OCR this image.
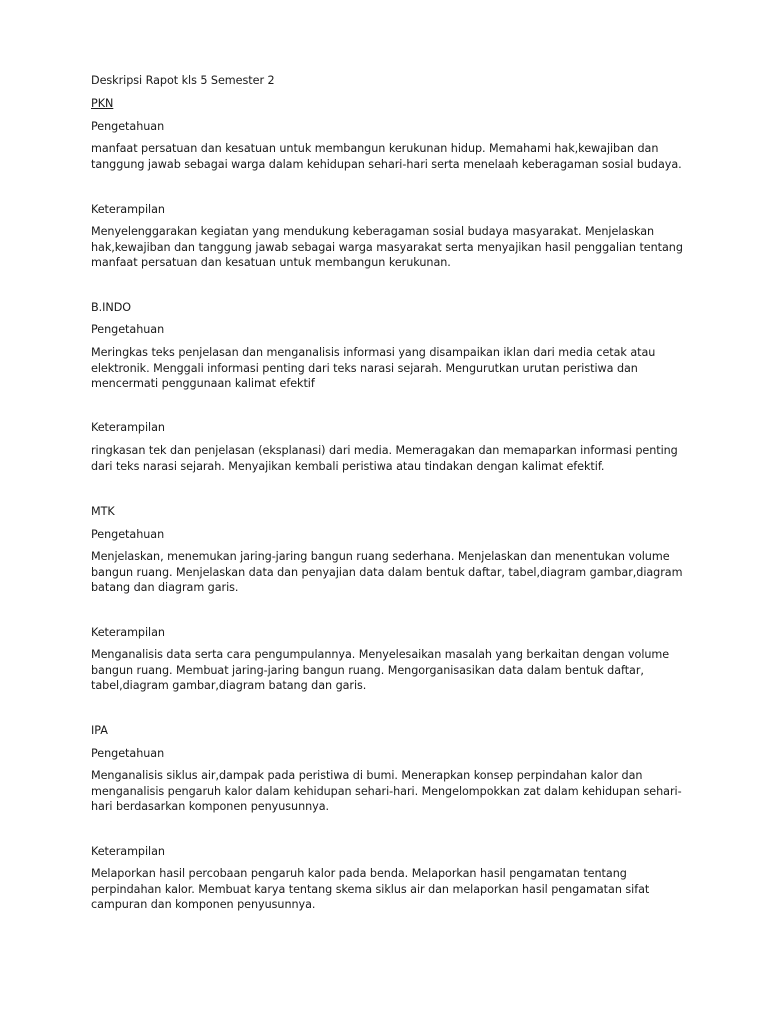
Deskripsi Rapot kls 5 Semester 2

PKN

Pengetahuan

manfaat persatuan dan kesatuan untuk membangun kerukunan hidup. Memahami hak,kewajiban dan tanggung jawab sebagai warga dalam kehidupan sehari-hari serta menelaah keberagaman sosial budaya.

Keterampilan

Menyelenggarakan kegiatan yang mendukung keberagaman sosial budaya masyarakat. Menjelaskan hak,kewajiban dan tanggung jawab sebagai warga masyarakat serta menyajikan hasil penggalian tentang manfaat persatuan dan kesatuan untuk membangun kerukunan.

B.INDO

Pengetahuan

Meringkas teks penjelasan dan menganalisis informasi yang disampaikan iklan dari media cetak atau elektronik. Menggali informasi penting dari teks narasi sejarah. Mengurutkan urutan peristiwa dan mencermati penggunaan kalimat efektif

Keterampilan

ringkasan tek dan penjelasan (eksplanasi) dari media. Memeragakan dan memaparkan informasi penting dari teks narasi sejarah. Menyajikan kembali peristiwa atau tindakan dengan kalimat efektif.

MTK

Pengetahuan

Menjelaskan, menemukan jaring-jaring bangun ruang sederhana. Menjelaskan dan menentukan volume bangun ruang. Menjelaskan data dan penyajian data dalam bentuk daftar, tabel,diagram gambar,diagram batang dan diagram garis.

Keterampilan

Menganalisis data serta cara pengumpulannya. Menyelesaikan masalah yang berkaitan dengan volume bangun ruang. Membuat jaring-jaring bangun ruang. Mengorganisasikan data dalam bentuk daftar, tabel,diagram gambar,diagram batang dan garis.

IPA

Pengetahuan

Menganalisis siklus air,dampak pada peristiwa di bumi. Menerapkan konsep perpindahan kalor dan menganalisis pengaruh kalor dalam kehidupan sehari-hari. Mengelompokkan zat dalam kehidupan sehari-hari berdasarkan komponen penyusunnya.

Keterampilan

Melaporkan hasil percobaan pengaruh kalor pada benda. Melaporkan hasil pengamatan tentang perpindahan kalor. Membuat karya tentang skema siklus air dan melaporkan hasil pengamatan sifat campuran dan komponen penyusunnya.
